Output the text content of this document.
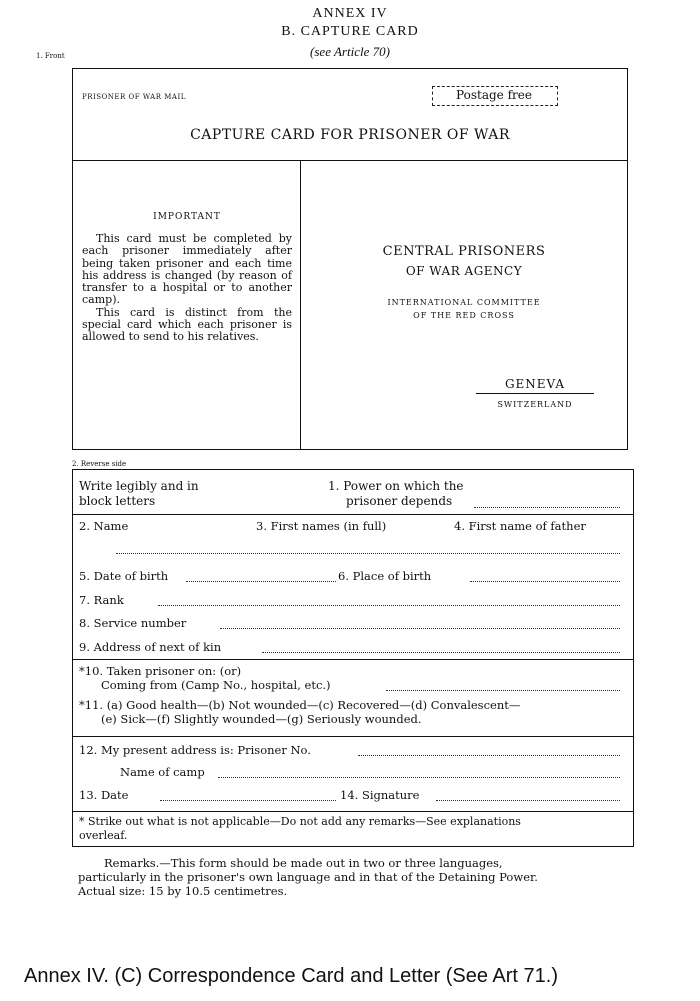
ANNEX IV
B. CAPTURE CARD
(see Article 70)
1. Front
PRISONER OF WAR MAIL	Postage free
CAPTURE CARD FOR PRISONER OF WAR
IMPORTANT

This card must be completed by each prisoner immediately after being taken prisoner and each time his address is changed (by reason of transfer to a hospital or to another camp).

This card is distinct from the special card which each prisoner is allowed to send to his relatives.

CENTRAL PRISONERS
OF WAR AGENCY
INTERNATIONAL COMMITTEE
OF THE RED CROSS
GENEVA
SWITZERLAND
2. Reverse side
Write legibly and in
block letters
1. Power on which the
prisoner depends
2. Name	3. First names (in full)	4. First name of father
5. Date of birth	6. Place of birth
7. Rank
8. Service number
9. Address of next of kin
*10. Taken prisoner on: (or)
Coming from (Camp No., hospital, etc.)
*11. (a) Good health—(b) Not wounded—(c) Recovered—(d) Convalescent—
(e) Sick—(f) Slightly wounded—(g) Seriously wounded.
12. My present address is: Prisoner No.
Name of camp
13. Date	14. Signature
* Strike out what is not applicable—Do not add any remarks—See explanations
overleaf.
Remarks.—This form should be made out in two or three languages,
particularly in the prisoner's own language and in that of the Detaining Power.
Actual size: 15 by 10.5 centimetres.
Annex IV. (C) Correspondence Card and Letter (See Art 71.)
